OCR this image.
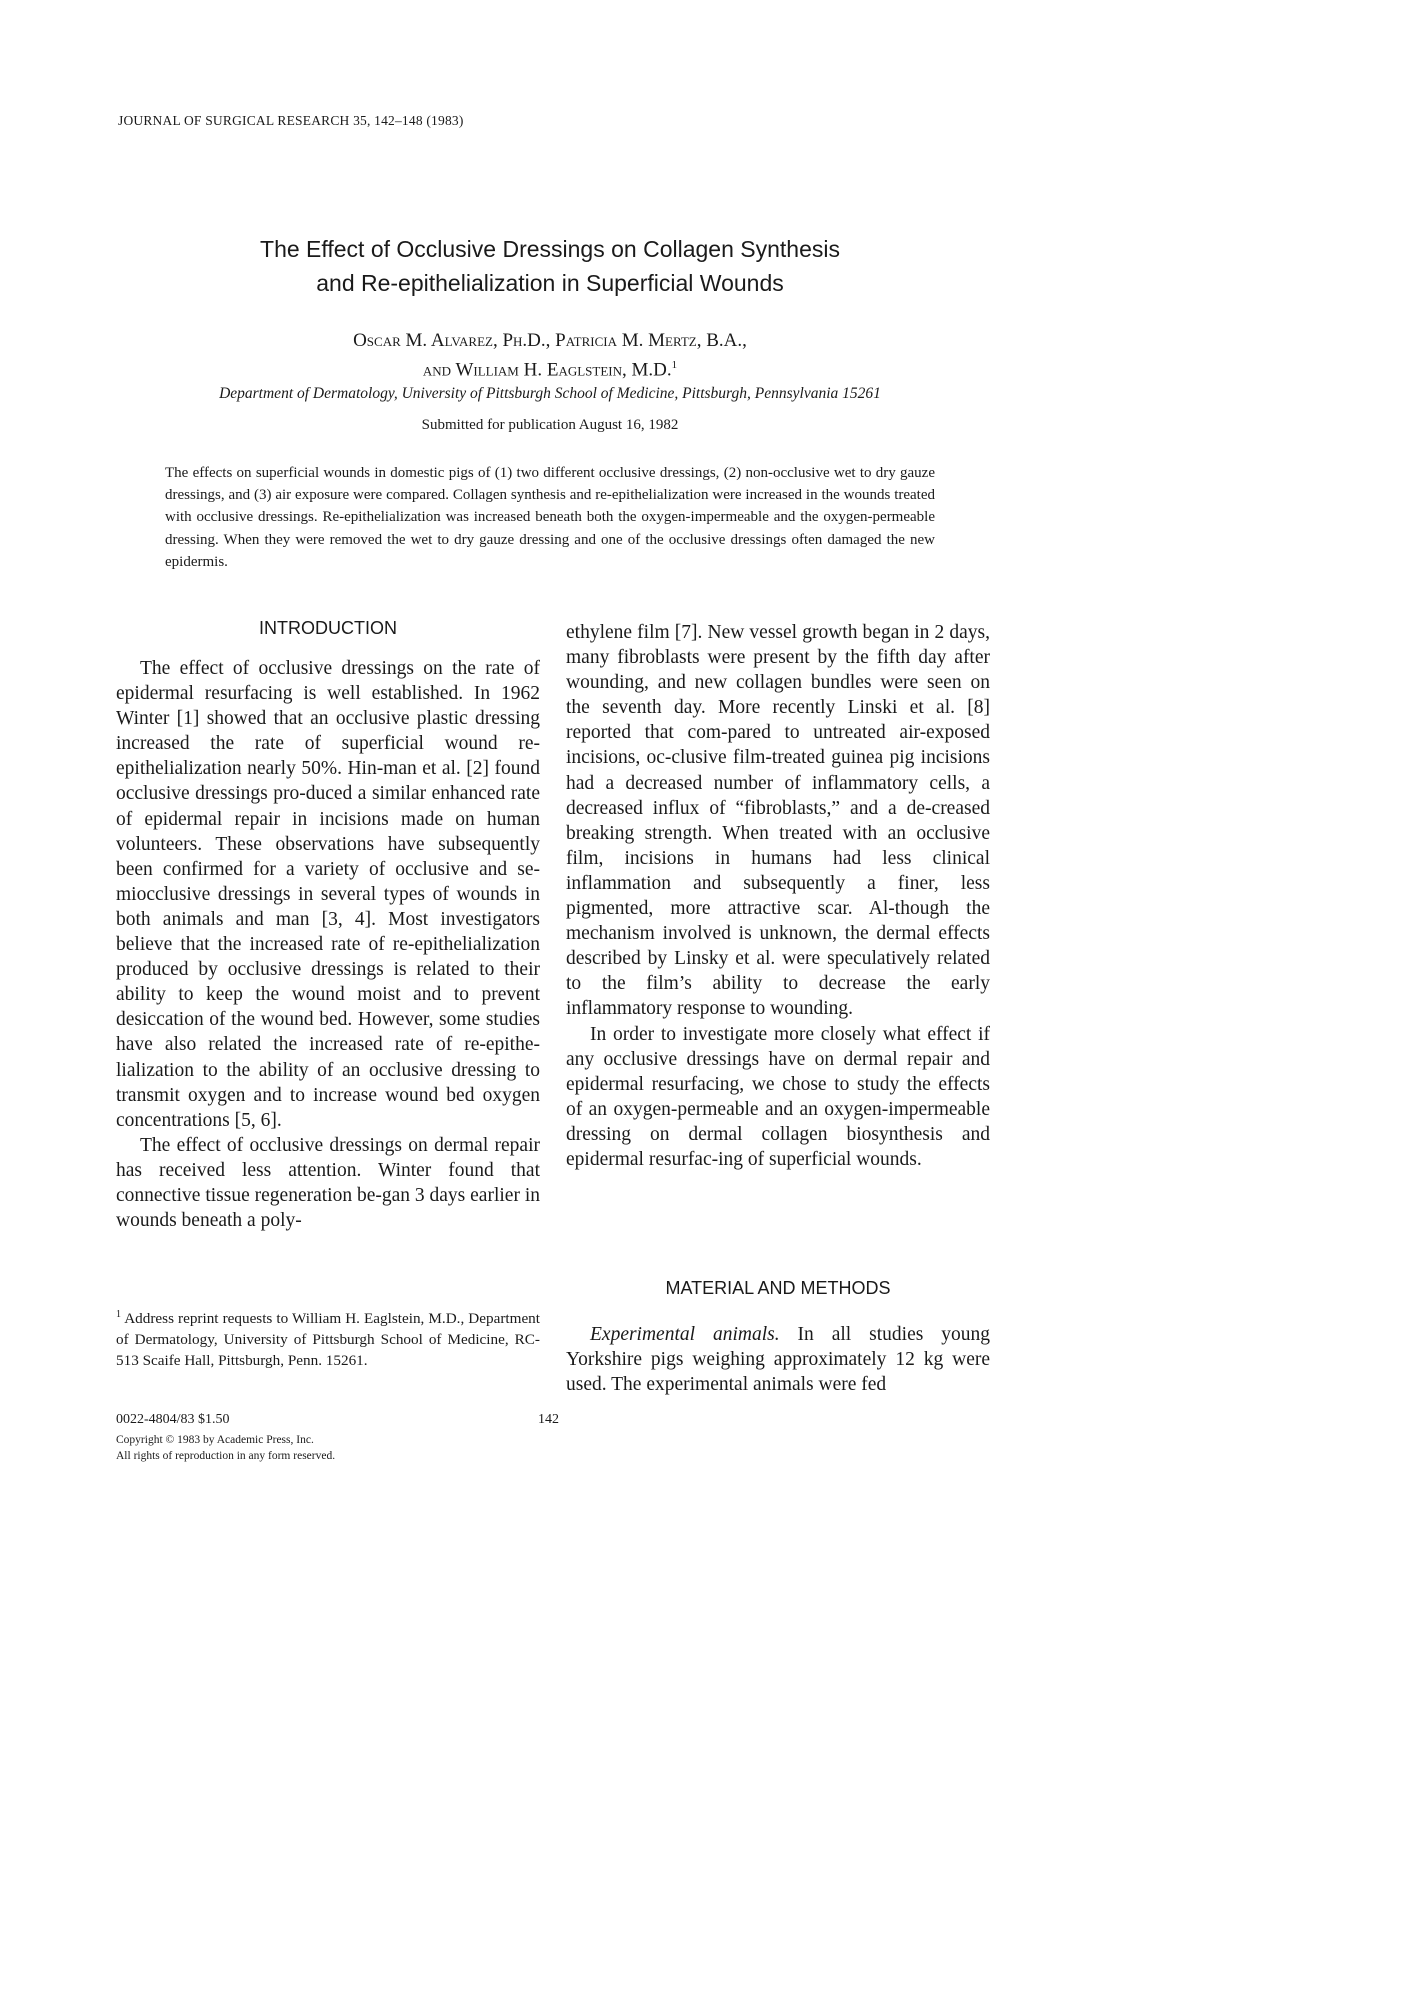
JOURNAL OF SURGICAL RESEARCH 35, 142–148 (1983)
The Effect of Occlusive Dressings on Collagen Synthesis
and Re-epithelialization in Superficial Wounds
Oscar M. Alvarez, Ph.D., Patricia M. Mertz, B.A.,
and William H. Eaglstein, M.D.$^1$
Department of Dermatology, University of Pittsburgh School of Medicine, Pittsburgh, Pennsylvania 15261
Submitted for publication August 16, 1982
The effects on superficial wounds in domestic pigs of (1) two different occlusive dressings, (2) non-occlusive wet to dry gauze dressings, and (3) air exposure were compared. Collagen synthesis and re-epithelialization were increased in the wounds treated with occlusive dressings. Re-epithelialization was increased beneath both the oxygen-impermeable and the oxygen-permeable dressing. When they were removed the wet to dry gauze dressing and one of the occlusive dressings often damaged the new epidermis.
INTRODUCTION

The effect of occlusive dressings on the rate of epidermal resurfacing is well established. In 1962 Winter [1] showed that an occlusive plastic dressing increased the rate of superficial wound re-epithelialization nearly 50%. Hin-man et al. [2] found occlusive dressings pro-duced a similar enhanced rate of epidermal repair in incisions made on human volunteers. These observations have subsequently been confirmed for a variety of occlusive and se-miocclusive dressings in several types of wounds in both animals and man [3, 4]. Most investigators believe that the increased rate of re-epithelialization produced by occlusive dressings is related to their ability to keep the wound moist and to prevent desiccation of the wound bed. However, some studies have also related the increased rate of re-epithe-lialization to the ability of an occlusive dressing to transmit oxygen and to increase wound bed oxygen concentrations [5, 6].

The effect of occlusive dressings on dermal repair has received less attention. Winter found that connective tissue regeneration be-gan 3 days earlier in wounds beneath a poly-

ethylene film [7]. New vessel growth began in 2 days, many fibroblasts were present by the fifth day after wounding, and new collagen bundles were seen on the seventh day. More recently Linski et al. [8] reported that com-pared to untreated air-exposed incisions, oc-clusive film-treated guinea pig incisions had a decreased number of inflammatory cells, a decreased influx of “fibroblasts,” and a de-creased breaking strength. When treated with an occlusive film, incisions in humans had less clinical inflammation and subsequently a finer, less pigmented, more attractive scar. Al-though the mechanism involved is unknown, the dermal effects described by Linsky et al. were speculatively related to the film’s ability to decrease the early inflammatory response to wounding.

In order to investigate more closely what effect if any occlusive dressings have on dermal repair and epidermal resurfacing, we chose to study the effects of an oxygen-permeable and an oxygen-impermeable dressing on dermal collagen biosynthesis and epidermal resurfac-ing of superficial wounds.

MATERIAL AND METHODS

Experimental animals. In all studies young Yorkshire pigs weighing approximately 12 kg were used. The experimental animals were fed

$^1$ Address reprint requests to William H. Eaglstein, M.D., Department of Dermatology, University of Pittsburgh School of Medicine, RC-513 Scaife Hall, Pittsburgh, Penn. 15261.
0022-4804/83 $1.50
Copyright © 1983 by Academic Press, Inc.
All rights of reproduction in any form reserved.
142
